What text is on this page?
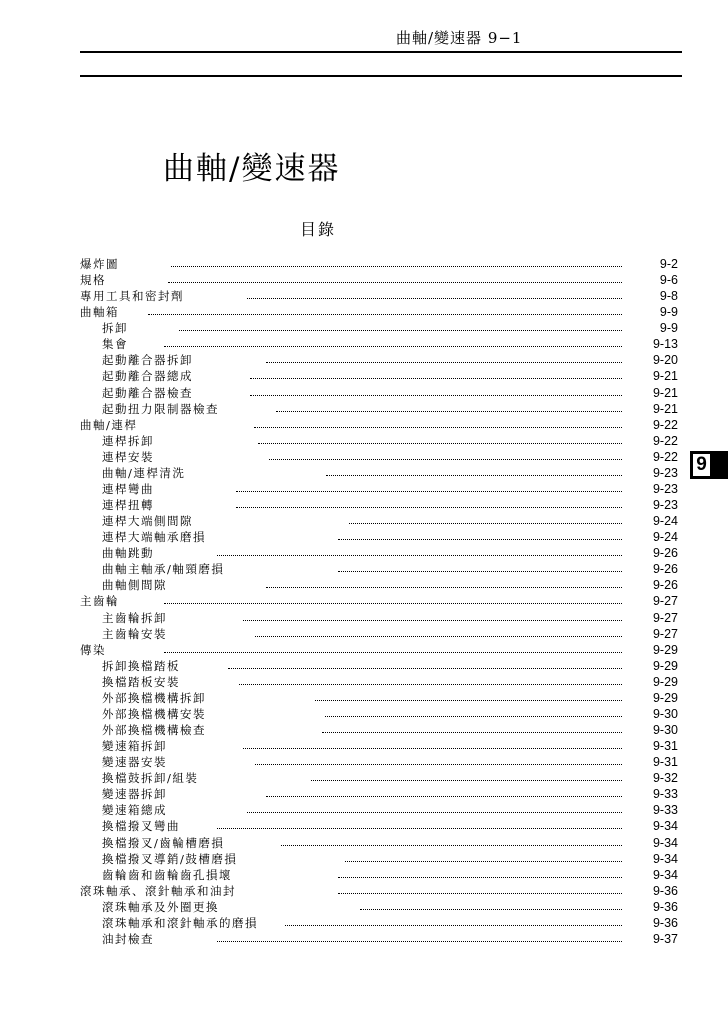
曲軸/變速器 9−1
曲軸/變速器
目錄
爆炸圖	9-2
規格	9-6
專用工具和密封劑	9-8
曲軸箱	9-9
拆卸	9-9
集會	9-13
起動離合器拆卸	9-20
起動離合器總成	9-21
起動離合器檢查	9-21
起動扭力限制器檢查	9-21
曲軸/連桿	9-22
連桿拆卸	9-22
連桿安裝	9-22
曲軸/連桿清洗	9-23
連桿彎曲	9-23
連桿扭轉	9-23
連桿大端側間隙	9-24
連桿大端軸承磨損	9-24
曲軸跳動	9-26
曲軸主軸承/軸頸磨損	9-26
曲軸側間隙	9-26
主齒輪	9-27
主齒輪拆卸	9-27
主齒輪安裝	9-27
傳染	9-29
拆卸換檔踏板	9-29
換檔踏板安裝	9-29
外部換檔機構拆卸	9-29
外部換檔機構安裝	9-30
外部換檔機構檢查	9-30
變速箱拆卸	9-31
變速器安裝	9-31
換檔鼓拆卸/組裝	9-32
變速器拆卸	9-33
變速箱總成	9-33
換檔撥叉彎曲	9-34
換檔撥叉/齒輪槽磨損	9-34
換檔撥叉導銷/鼓槽磨損	9-34
齒輪齒和齒輪齒孔損壞	9-34
滾珠軸承、滾針軸承和油封	9-36
滾珠軸承及外圈更換	9-36
滾珠軸承和滾針軸承的磨損	9-36
油封檢查	9-37
9
